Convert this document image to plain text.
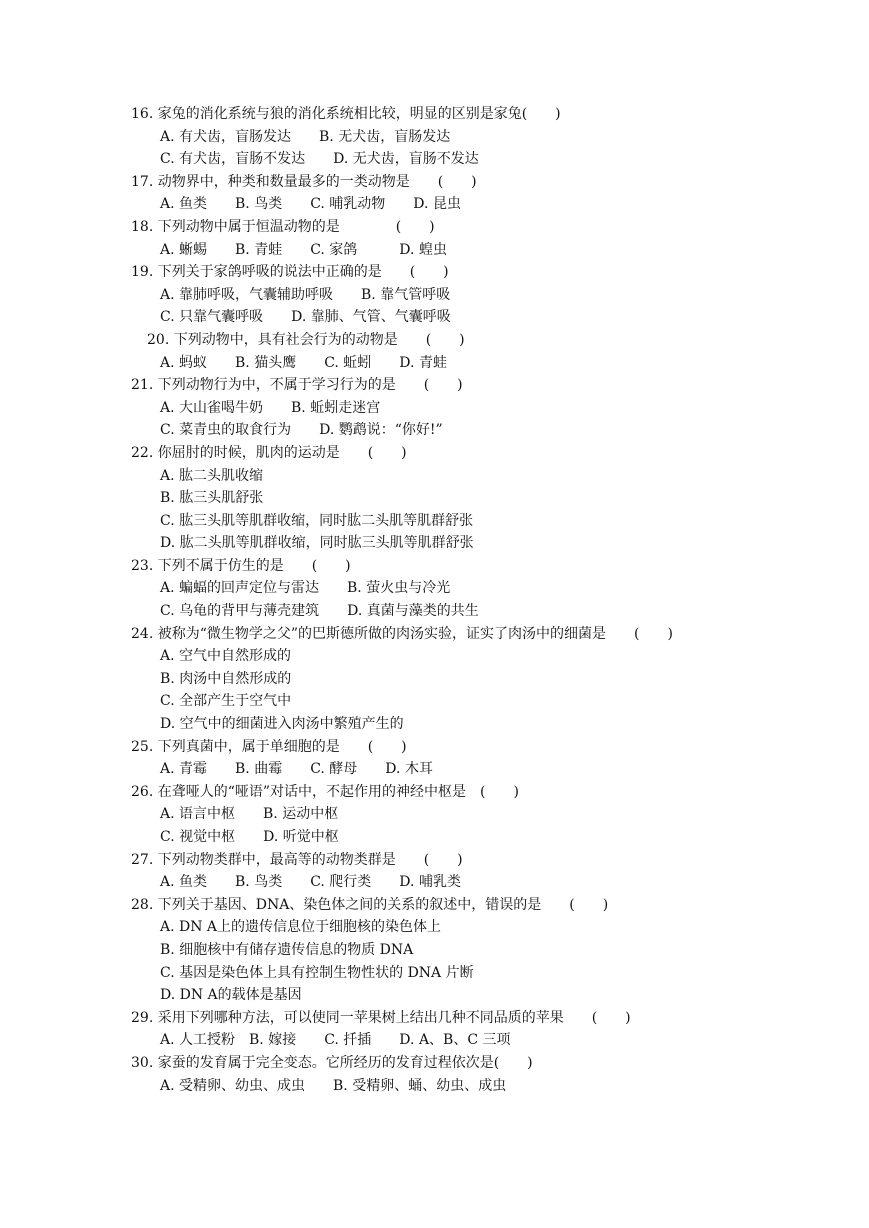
16. 家兔的消化系统与狼的消化系统相比较，明显的区别是家兔(　　)
A. 有犬齿，盲肠发达　　B. 无犬齿，盲肠发达
C. 有犬齿，盲肠不发达　　D. 无犬齿，盲肠不发达
17. 动物界中，种类和数量最多的一类动物是　　(　　)
A. 鱼类　　B. 鸟类　　C. 哺乳动物　　D. 昆虫
18. 下列动物中属于恒温动物的是　　　　(　　)
A. 蜥蜴　　B. 青蛙　　C. 家鸽　　　D. 蝗虫
19. 下列关于家鸽呼吸的说法中正确的是　　(　　)
A. 靠肺呼吸，气囊辅助呼吸　　B. 靠气管呼吸
C. 只靠气囊呼吸　　D. 靠肺、气管、气囊呼吸
20. 下列动物中，具有社会行为的动物是　　(　　)
A. 蚂蚁　　B. 猫头鹰　　C. 蚯蚓　　D. 青蛙
21. 下列动物行为中，不属于学习行为的是　　(　　)
A. 大山雀喝牛奶　　B. 蚯蚓走迷宫
C. 菜青虫的取食行为　　D. 鹦鹉说：“你好!”
22. 你屈肘的时候，肌肉的运动是　　(　　)
A. 肱二头肌收缩
B. 肱三头肌舒张
C. 肱三头肌等肌群收缩，同时肱二头肌等肌群舒张
D. 肱二头肌等肌群收缩，同时肱三头肌等肌群舒张
23. 下列不属于仿生的是　　(　　)
A. 蝙蝠的回声定位与雷达　　B. 萤火虫与冷光
C. 乌龟的背甲与薄壳建筑　　D. 真菌与藻类的共生
24. 被称为“微生物学之父”的巴斯德所做的肉汤实验，证实了肉汤中的细菌是　　(　　)
A. 空气中自然形成的
B. 肉汤中自然形成的
C. 全部产生于空气中
D. 空气中的细菌进入肉汤中繁殖产生的
25. 下列真菌中，属于单细胞的是　　(　　)
A. 青霉　　B. 曲霉　　C. 酵母　　D. 木耳
26. 在聋哑人的“哑语”对话中，不起作用的神经中枢是　(　　)
A. 语言中枢　　B. 运动中枢
C. 视觉中枢　　D. 听觉中枢
27. 下列动物类群中，最高等的动物类群是　　(　　)
A. 鱼类　　B. 鸟类　　C. 爬行类　　D. 哺乳类
28. 下列关于基因、DNA、染色体之间的关系的叙述中，错误的是　　(　　)
A. DN A上的遗传信息位于细胞核的染色体上
B. 细胞核中有储存遗传信息的物质 DNA
C. 基因是染色体上具有控制生物性状的 DNA 片断
D. DN A的载体是基因
29. 采用下列哪种方法，可以使同一苹果树上结出几种不同品质的苹果　　(　　)
A. 人工授粉　B. 嫁接　　C. 扦插　　D. A、B、C 三项
30. 家蚕的发育属于完全变态。它所经历的发育过程依次是(　　)
A. 受精卵、幼虫、成虫　　B. 受精卵、蛹、幼虫、成虫
